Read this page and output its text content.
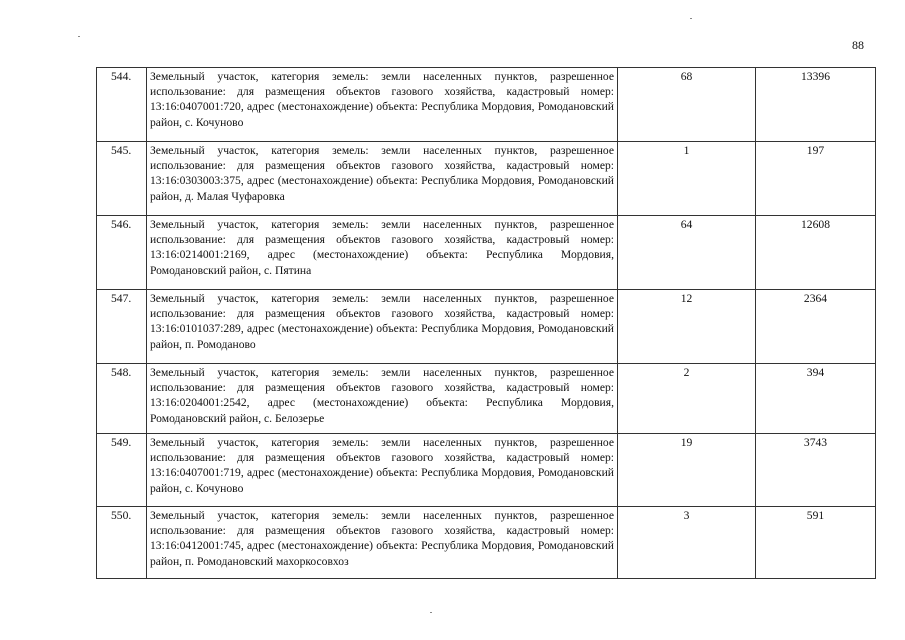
88
544.	Земельный участок, категория земель: земли населенных пунктов, разрешенное использование: для размещения объектов газового хозяйства, кадастровый номер: 13:16:0407001:720, адрес (местонахождение) объекта: Республика Мордовия, Ромодановский район, с. Кочуново	68	13396
545.	Земельный участок, категория земель: земли населенных пунктов, разрешенное использование: для размещения объектов газового хозяйства, кадастровый номер: 13:16:0303003:375, адрес (местонахождение) объекта: Республика Мордовия, Ромодановский район, д. Малая Чуфаровка	1	197
546.	Земельный участок, категория земель: земли населенных пунктов, разрешенное использование: для размещения объектов газового хозяйства, кадастровый номер: 13:16:0214001:2169, адрес (местонахождение) объекта: Республика Мордовия, Ромодановский район, с. Пятина	64	12608
547.	Земельный участок, категория земель: земли населенных пунктов, разрешенное использование: для размещения объектов газового хозяйства, кадастровый номер: 13:16:0101037:289, адрес (местонахождение) объекта: Республика Мордовия, Ромодановский район, п. Ромоданово	12	2364
548.	Земельный участок, категория земель: земли населенных пунктов, разрешенное использование: для размещения объектов газового хозяйства, кадастровый номер: 13:16:0204001:2542, адрес (местонахождение) объекта: Республика Мордовия, Ромодановский район, с. Белозерье	2	394
549.	Земельный участок, категория земель: земли населенных пунктов, разрешенное использование: для размещения объектов газового хозяйства, кадастровый номер: 13:16:0407001:719, адрес (местонахождение) объекта: Республика Мордовия, Ромодановский район, с. Кочуново	19	3743
550.	Земельный участок, категория земель: земли населенных пунктов, разрешенное использование: для размещения объектов газового хозяйства, кадастровый номер: 13:16:0412001:745, адрес (местонахождение) объекта: Республика Мордовия, Ромодановский район, п. Ромодановский махоркосовхоз	3	591
